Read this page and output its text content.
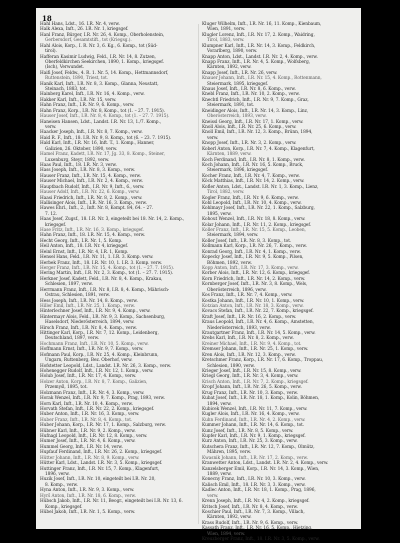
18
Hahl Hans, Ldst., 16. I.R. Nr. 4, verw.
Halk Alexa, Inft., 26. I.R. Nr. 1, kriegsgef.
Hanl Franz, Bürger, I.R. Nr. 26, 4. Komp., Oberholenstein,
Gerbersdorf, Gesamtstift., tot (Kriegsg.).
Hahl Alois, Korp., I. R. Nr. 3, 6. Kg., 6. Komp., tot (Süd-
tirol).
Hafferan Kasimir Ludwig, Feld., I.R. Nr. 14, 8. Zutzen,
Oberfeldkirchen Seekirchen, 1890, 1. Komp., kriegsgef.
(Isch), Verwundet.
Haifi Josef, Feldw., 4. R. 1. Nr. 5, 14. Komp., Hettmannsdorf,
Ruttenstein, 1890, Triest, tot.
Hanik Karl, Inft., I.R. Nr. 8, 3. Komp., Glanna, Neustatt,
Steinach, 1883, tot.
Hainberg Karel, Inft., I.R. Nr. 16, 4. Komp., verw.
Hakker Karl, Inft., I.R. Nr. 15, verw.
Hahn Franz, Inft., I.R. Nr. 9, 6. Komp., verw.
Hahn Franz, Korp., I.R. Nr. 8, Komp., tot (1. – 27. 7. 1915).
Hauser Josef, Inft., I.R. Nr. 8, 4. Komp., tot (1. – 27. 7. 1915).
Haneisen Hansen, Ldst., Landst. I.R. Nr. 13, 1./7. Komp.,
verw.
Haacker Joseph, Inft., I.R. Nr. 8, 7. Komp., verw.
Haid R. F., Inft., 18. I.R. Nr. 9, 8. Komp., tot (6. – 23. 7. 1915).
Hald Karl, Inft., I.R. Nr. 16, Inft. T., 1. Komp., Hanner,
Galizien, 26. Oktober, 1890, verw.
Hamel Franz, Kadett, I.R. Nr. 17, Jg. 33, 8. Komp., Steiner,
Luxenburg, Steyr, 1892, verw.
Haas Paul, Inft., 18. I.R. Nr. 3, verw.
Hass Joseph, Inft., I.R. Nr. 8, 3. Komp., verw.
Hauser Franz, Inft., I.R. Nr. 15, 4. Komp., verw.
Hauser Michael, Inft., I.R. Nr. 2, 4. Komp., verw.
Hauptbach Rudolf, Inft., I.R. Nr. 9, Inft., 6., verw.
Hauser Adolf, Inft., I.R. Nr. 22, 6. Komp., verw.
Haasi Friedrich, Inft., I.R. Nr. 8, 2. Komp., verw.
Hallisinger Alois, Inft., I.R. Nr. 16, 3. Komp., verw.
Hawes Ehrl., Inft., 2., Inft. Nr. 8, Kompt. 84, 64. – 27.
7. 12.
Haas Josef, Zugsf., 18. I.R. Nr. 3, eingeteilt bei 18. Nr. 14, 2. Komp.,
kriegsgef.
Hase Fritz, Inft., I.R. Nr. 16, 3. Komp., kriegsgef.
Hahn Franz, Inft., 18. I.R. Nr. 15, 4. Komp., verw.
Hecht Georg, Inft., I.R. Nr. 1, 5. Komp.
Heil Anton, Inft., 18. I.R. Nr. 4, kriegsgef.
Heinl Ernst, Inft., I.R. Nr. 4, I.R. 1, Komp.
Hensel Hans, Feld., I.R. Nr. 11, 1. I.R. 3. Komp. verw.
Herbek Franz, Inft., 18. I.R. Nr. 10, 1. I.R. 3. Komp. verw.
Herger Franz, Inft., I.R. Nr. 15, 4. Komp., tot (1. – 27. 7. 1915).
Hering Martin, Inft., I.R. Nr. 2, 3. Komp., tot (1. – 27. 7. 1915).
Herkner Josef, Kadett, Feld., I.R. Nr. 8, 4. Komp., Krakau,
Schlesien, 1897, verw.
Herrmann Franz, Inft., I.R. Nr. 8, I.R. 8, 4. Komp., Mährisch-
Ostrau, Schlesien, 1891, verw.
Hess Joseph, Inft., I.R. Nr. 14, 8. Komp., verw.
Hiller Emil, Inft., I.R. Nr. 25, 1. Komp., verw.
Hinterlechner Josef, Inft., I.R. Nr. 9, 4. Komp., verw.
Hintermayr Alois, Feld., I.R. Nr. 9, 3. Komp., Sachsenburg,
Haselsdorf, Niederösterreich, 1894, verw.
Hirsch Franz, Inft., I.R. Nr. 8, 4. Komp., verw.
Hittinger Karl, Korp., I.R. Nr. 7, 12. Komp., Leidenberg,
Deutschland, 1897, verw.
Hochmann Franz, Inft., I.R. Nr. 10, 5. Komp., verw.
Hoffmann Ernst, Inft., I.R. Nr. 9, 7. Komp., verw.
Hofmann Paul, Korp., I.R. Nr. 25, 4. Komp., Kleinbrunn,
Ungarn, Ruttenberg, Bez. Oberhof, verw.
Hofstetter Leopold, Ldst., Landst. I.R. Nr. 26, 3. Komp., verw.
Hohenegger Rudolf, Inft., I.R. Nr. 12, 1. Komp., verw.
Holub Josef, Inft., I.R. Nr. 17, 4. Komp., verw.
Holzer Anton, Korp., I.R. Nr. 8, 7. Komp., Galizien,
Przemyśl, 1895, tot.
Holzmann Franz, Inft., I.R. Nr. 4, 3. Komp., verw.
Horak Wenzel, Inft., I.R. Nr. 9, 7. Komp., Prag, 1893, verw.
Horn Karl, Inft., I.R. Nr. 10, 4. Komp., verw.
Horvath Stefan, Inft., I.R. Nr. 22, 2. Komp., kriegsgef.
Huber Anton, Inft., I.R. Nr. 16, 3. Komp., verw.
Huber Franz, Inft., I.R. Nr. 8, 4. Komp., tot.
Huber Johann, Korp., I.R. Nr. 17, 1. Komp., Salzburg, verw.
Hübner Karl, Inft., I.R. Nr. 9, 2. Komp., verw.
Hufnagl Leopold, Inft., I.R. Nr. 12, 8. Komp., verw.
Humer Josef, Inft., I.R. Nr. 4, 6. Komp., verw.
Hummel Georg, Inft., I.R. Nr. 14, verw.
Hupfauf Ferdinand, Inft., I.R. Nr. 26, 2. Komp., kriegsgef.
Hütter Johann, Inft., I.R. Nr. 8, 9. Komp., verw.
Hütter Karl, Ldst., Landst. I.R. Nr. 3, 5. Komp., kriegsgef.
Huttinger Franz, Inft., I.R. Nr. 15, 7. Komp., Klagenfurt,
1896, verw.
Huzik Josef, Inft., I.R. Nr. 10, eingeteilt bei I.R. Nr. 20,
8. Komp., verw.
Hyna Anton, Inft., I.R. Nr. 9, 3. Komp., verw.
Hyrš Anton, Inft., I.R. Nr. 18, 6. Komp., verw.
Hübsch Jakob, Inft., I.R. Nr. 11, Beogr., eingeteilt bei I.R. Nr. 13, 6.
Komp., kriegsgef.
Hübel Jakob, Inft., I.R. Nr. 1, 5. Komp., verw.
Kluger Wilhelm, Inft., I.R. Nr. 16, 11. Komp., Kienbaum,
Wien, 1891, verw.
Klugler Lorenz, Inft., I.R. Nr. 17, 2. Komp., Waidring,
Tirol, 1883, verw.
Klumpner Karl, Inft., I.R. Nr. 14, 3. Komp., Feldkirch,
Vorarlberg, 1890, verw.
Knapp Anton, Ldst., Landst. I.R. Nr. 2, 4. Komp., verw.
Knapp Franz, Inft., I.R. Nr. 4, 5. Komp., Wolfsberg,
Kärnten, 1892, verw.
Knapp Josef, Inft., I.R. Nr. 26, verw.
Knauer Johann, Inft., I.R. Nr. 15, 4. Komp., Rottenmann,
Steiermark, 1895, kriegsgef.
Knaus Josef, Inft., I.R. Nr. 8, 6. Komp., verw.
Knebl Franz, Inft., I.R. Nr. 10, 2. Komp., verw.
Knechtl Friedrich, Inft., I.R. Nr. 9, 7. Komp., Graz,
Steiermark, 1891, tot.
Kneidinger Alois, Inft., I.R. Nr. 14, 3. Komp., Linz,
Oberösterreich, 1893, verw.
Kneissl Georg, Inft., I.R. Nr. 17, 1. Komp., verw.
Knoll Alois, Inft., I.R. Nr. 25, 6. Komp., verw.
Knoll Emil, Inft., I.R. Nr. 12, 3. Komp., Brünn, 1894,
verw.
Knopp Josef, Inft., I.R. Nr. 3, 2. Komp., verw.
Koberl Anton, Korp., I.R. Nr. 7, 4. Komp., Klagenfurt,
Kärnten, 1889, verw.
Koch Ferdinand, Inft., I.R. Nr. 8, 1. Komp., verw.
Koch Johann, Inft., I.R. Nr. 16, 5. Komp., Bruck,
Steiermark, 1896, kriegsgef.
Kocher Franz, Inft., I.R. Nr. 4, 7. Komp., verw.
Köck Matthias, Inft., I.R. Nr. 14, 2. Komp., verw.
Kofler Anton, Ldst., Landst. I.R. Nr. 1, 3. Komp., Lienz,
Tirol, 1882, verw.
Kogler Franz, Inft., I.R. Nr. 9, 6. Komp., verw.
Kohl Leopold, Inft., I.R. Nr. 10, 4. Komp., verw.
Kohlmayr Josef, Inft., I.R. Nr. 22, 1. Komp., Salzburg,
1895, verw.
Kohout Wenzel, Inft., I.R. Nr. 18, 8. Komp., verw.
Kolar Johann, Inft., I.R. Nr. 11, 2. Komp., kriegsgef.
Koller Franz, Inft., I.R. Nr. 15, 5. Komp., Leoben,
Steiermark, 1894, verw.
Koller Josef, Inft., I.R. Nr. 8, 3. Komp., tot.
Kollmann Karl, Korp., I.R. Nr. 26, 7. Komp., verw.
Konrad Georg, Inft., I.R. Nr. 4, 1. Komp., verw.
Kopecky Josef, Inft., I.R. Nr. 9, 5. Komp., Pilsen,
Böhmen, 1892, verw.
Kopp Anton, Inft., I.R. Nr. 17, 3. Komp., verw.
Korber Alois, Inft., I.R. Nr. 12, 6. Komp., kriegsgef.
Korn Friedrich, Inft., I.R. Nr. 14, 2. Komp., verw.
Kornberger Josef, Inft., I.R. Nr. 3, 8. Komp., Wels,
Oberösterreich, 1896, verw.
Kos Franz, Inft., I.R. Nr. 7, 4. Komp., verw.
Kostka Johann, Inft., I.R. Nr. 10, 1. Komp., verw.
Kotzian Anton, Inft., I.R. Nr. 18, 3. Komp., verw.
Kovacs Stefan, Inft., I.R. Nr. 22, 7. Komp., kriegsgef.
Kraft Josef, Inft., I.R. Nr. 16, 2. Komp., verw.
Kraus Leopold, Inft., I.R. Nr. 4, 6. Komp., Amstetten,
Niederösterreich, 1893, verw.
Krautgartner Franz, Inft., I.R. Nr. 14, 5. Komp., verw.
Krebs Karl, Inft., I.R. Nr. 8, 2. Komp., verw.
Kreiner Michael, Inft., I.R. Nr. 9, 4. Komp., tot.
Kremser Johann, Inft., I.R. Nr. 25, 1. Komp., verw.
Kren Alois, Inft., I.R. Nr. 12, 3. Komp., verw.
Kretschmer Franz, Korp., I.R. Nr. 17, 6. Komp., Troppau,
Schlesien, 1890, verw.
Krieger Josef, Inft., I.R. Nr. 15, 8. Komp., verw.
Kriegl Georg, Inft., I.R. Nr. 3, 4. Komp., verw.
Krisch Anton, Inft., I.R. Nr. 7, 2. Komp., kriegsgef.
Kropf Johann, Inft., I.R. Nr. 26, 5. Komp., verw.
Krug Franz, Inft., I.R. Nr. 10, 3. Komp., verw.
Kubat Josef, Inft., I.R. Nr. 18, 1. Komp., Kolin, Böhmen,
1894, verw.
Kubicek Wenzel, Inft., I.R. Nr. 11, 7. Komp., verw.
Kugler Alois, Inft., I.R. Nr. 16, 4. Komp., verw.
Kuhn Ferdinand, Inft., I.R. Nr. 4, 2. Komp., verw.
Kummer Johann, Inft., I.R. Nr. 14, 6. Komp., tot.
Kunz Josef, Inft., I.R. Nr. 8, 5. Komp., verw.
Kupfer Karl, Inft., I.R. Nr. 9, 1. Komp., kriegsgef.
Kurz Anton, Inft., I.R. Nr. 25, 3. Komp., verw.
Kutschera Franz, Inft., I.R. Nr. 12, 7. Komp., Olmütz,
Mähren, 1895, verw.
Kwasnik Johann, Inft., I.R. Nr. 17, 2. Komp., verw.
Kranwetter Anton, Ldst., Landst. I.R. Nr. 2, 4. Komp., verw.
Kanzelsberger Emil, Korp., I.R. Nr. 14, 3. Komp., Wien,
1889, verw.
Konecny Franz, Inft., I.R. Nr. 10, 3. Komp., verw.
Kalisch Emil, Inft., 18. I.R. Nr. 3, 3. Komp., verw.
Kadlec Anton, Inft., I.R. Nr. 18, 1. Komp., Prag, 1896,
verw.
Krenn Joseph, Inft., I.R. Nr. 4, 2. Komp., kriegsgef.
Kritsch Josef, Inft., I.R. Nr. 8, 4. Komp., verw.
Koschier Paul, Inft., I.R. Nr. 7, 3. Komp., Villach,
Kärnten, 1892, verw.
Krass Rudolf, Inft., I.R. Nr. 9, 6. Komp., verw.
Kassath Franz, Inft., I.R. Nr. 16, 5. Komp., Hietzing,
Wien, 1894, verw.
Kreuzberger Franz, Inft., 18. I.R. Nr. 3, 5. Komp., verw.
